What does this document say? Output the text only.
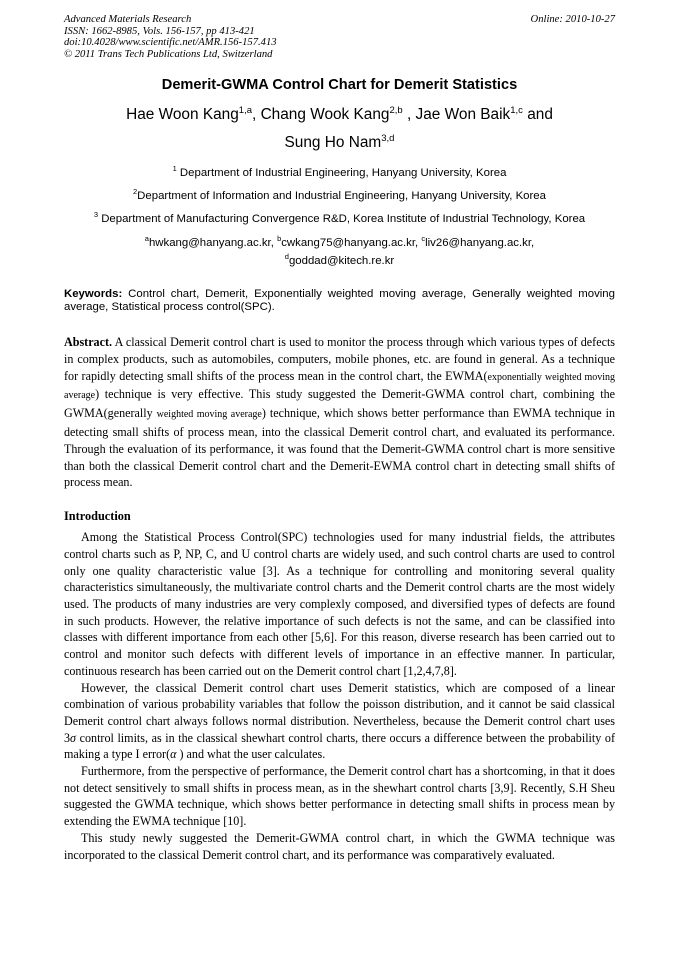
Advanced Materials Research
ISSN: 1662-8985, Vols. 156-157, pp 413-421
doi:10.4028/www.scientific.net/AMR.156-157.413
© 2011 Trans Tech Publications Ltd, Switzerland
Online: 2010-10-27
Demerit-GWMA Control Chart for Demerit Statistics
Hae Woon Kang$^{1,a}$, Chang Wook Kang$^{2,b}$ , Jae Won Baik$^{1,c}$ and
Sung Ho Nam$^{3,d}$
$^1$ Department of Industrial Engineering, Hanyang University, Korea
$^2$Department of Information and Industrial Engineering, Hanyang University, Korea
$^3$ Department of Manufacturing Convergence R&D, Korea Institute of Industrial Technology, Korea
$^a$hwkang@hanyang.ac.kr, $^b$cwkang75@hanyang.ac.kr, $^c$liv26@hanyang.ac.kr,
$^d$goddad@kitech.re.kr
Keywords: Control chart, Demerit, Exponentially weighted moving average, Generally weighted moving average, Statistical process control(SPC).
Abstract. A classical Demerit control chart is used to monitor the process through which various types of defects in complex products, such as automobiles, computers, mobile phones, etc. are found in general. As a technique for rapidly detecting small shifts of the process mean in the control chart, the EWMA(exponentially weighted moving average) technique is very effective. This study suggested the Demerit-GWMA control chart, combining the GWMA(generally weighted moving average) technique, which shows better performance than EWMA technique in detecting small shifts of process mean, into the classical Demerit control chart, and evaluated its performance. Through the evaluation of its performance, it was found that the Demerit-GWMA control chart is more sensitive than both the classical Demerit control chart and the Demerit-EWMA control chart in detecting small shifts of process mean.
Introduction

Among the Statistical Process Control(SPC) technologies used for many industrial fields, the attributes control charts such as P, NP, C, and U control charts are widely used, and such control charts are used to control only one quality characteristic value [3]. As a technique for controlling and monitoring several quality characteristics simultaneously, the multivariate control charts and the Demerit control charts are the most widely used. The products of many industries are very complexly composed, and diversified types of defects are found in such products. However, the relative importance of such defects is not the same, and can be classified into classes with different importance from each other [5,6]. For this reason, diverse research has been carried out to control and monitor such defects with different levels of importance in an effective manner. In particular, continuous research has been carried out on the Demerit control chart [1,2,4,7,8].

However, the classical Demerit control chart uses Demerit statistics, which are composed of a linear combination of various probability variables that follow the poisson distribution, and it cannot be said classical Demerit control chart always follows normal distribution. Nevertheless, because the Demerit control chart uses 3σ control limits, as in the classical shewhart control charts, there occurs a difference between the probability of making a type I error(α ) and what the user calculates.

Furthermore, from the perspective of performance, the Demerit control chart has a shortcoming, in that it does not detect sensitively to small shifts in process mean, as in the shewhart control charts [3,9]. Recently, S.H Sheu suggested the GWMA technique, which shows better performance in detecting small shifts in process mean by extending the EWMA technique [10].

This study newly suggested the Demerit-GWMA control chart, in which the GWMA technique was incorporated to the classical Demerit control chart, and its performance was comparatively evaluated.
